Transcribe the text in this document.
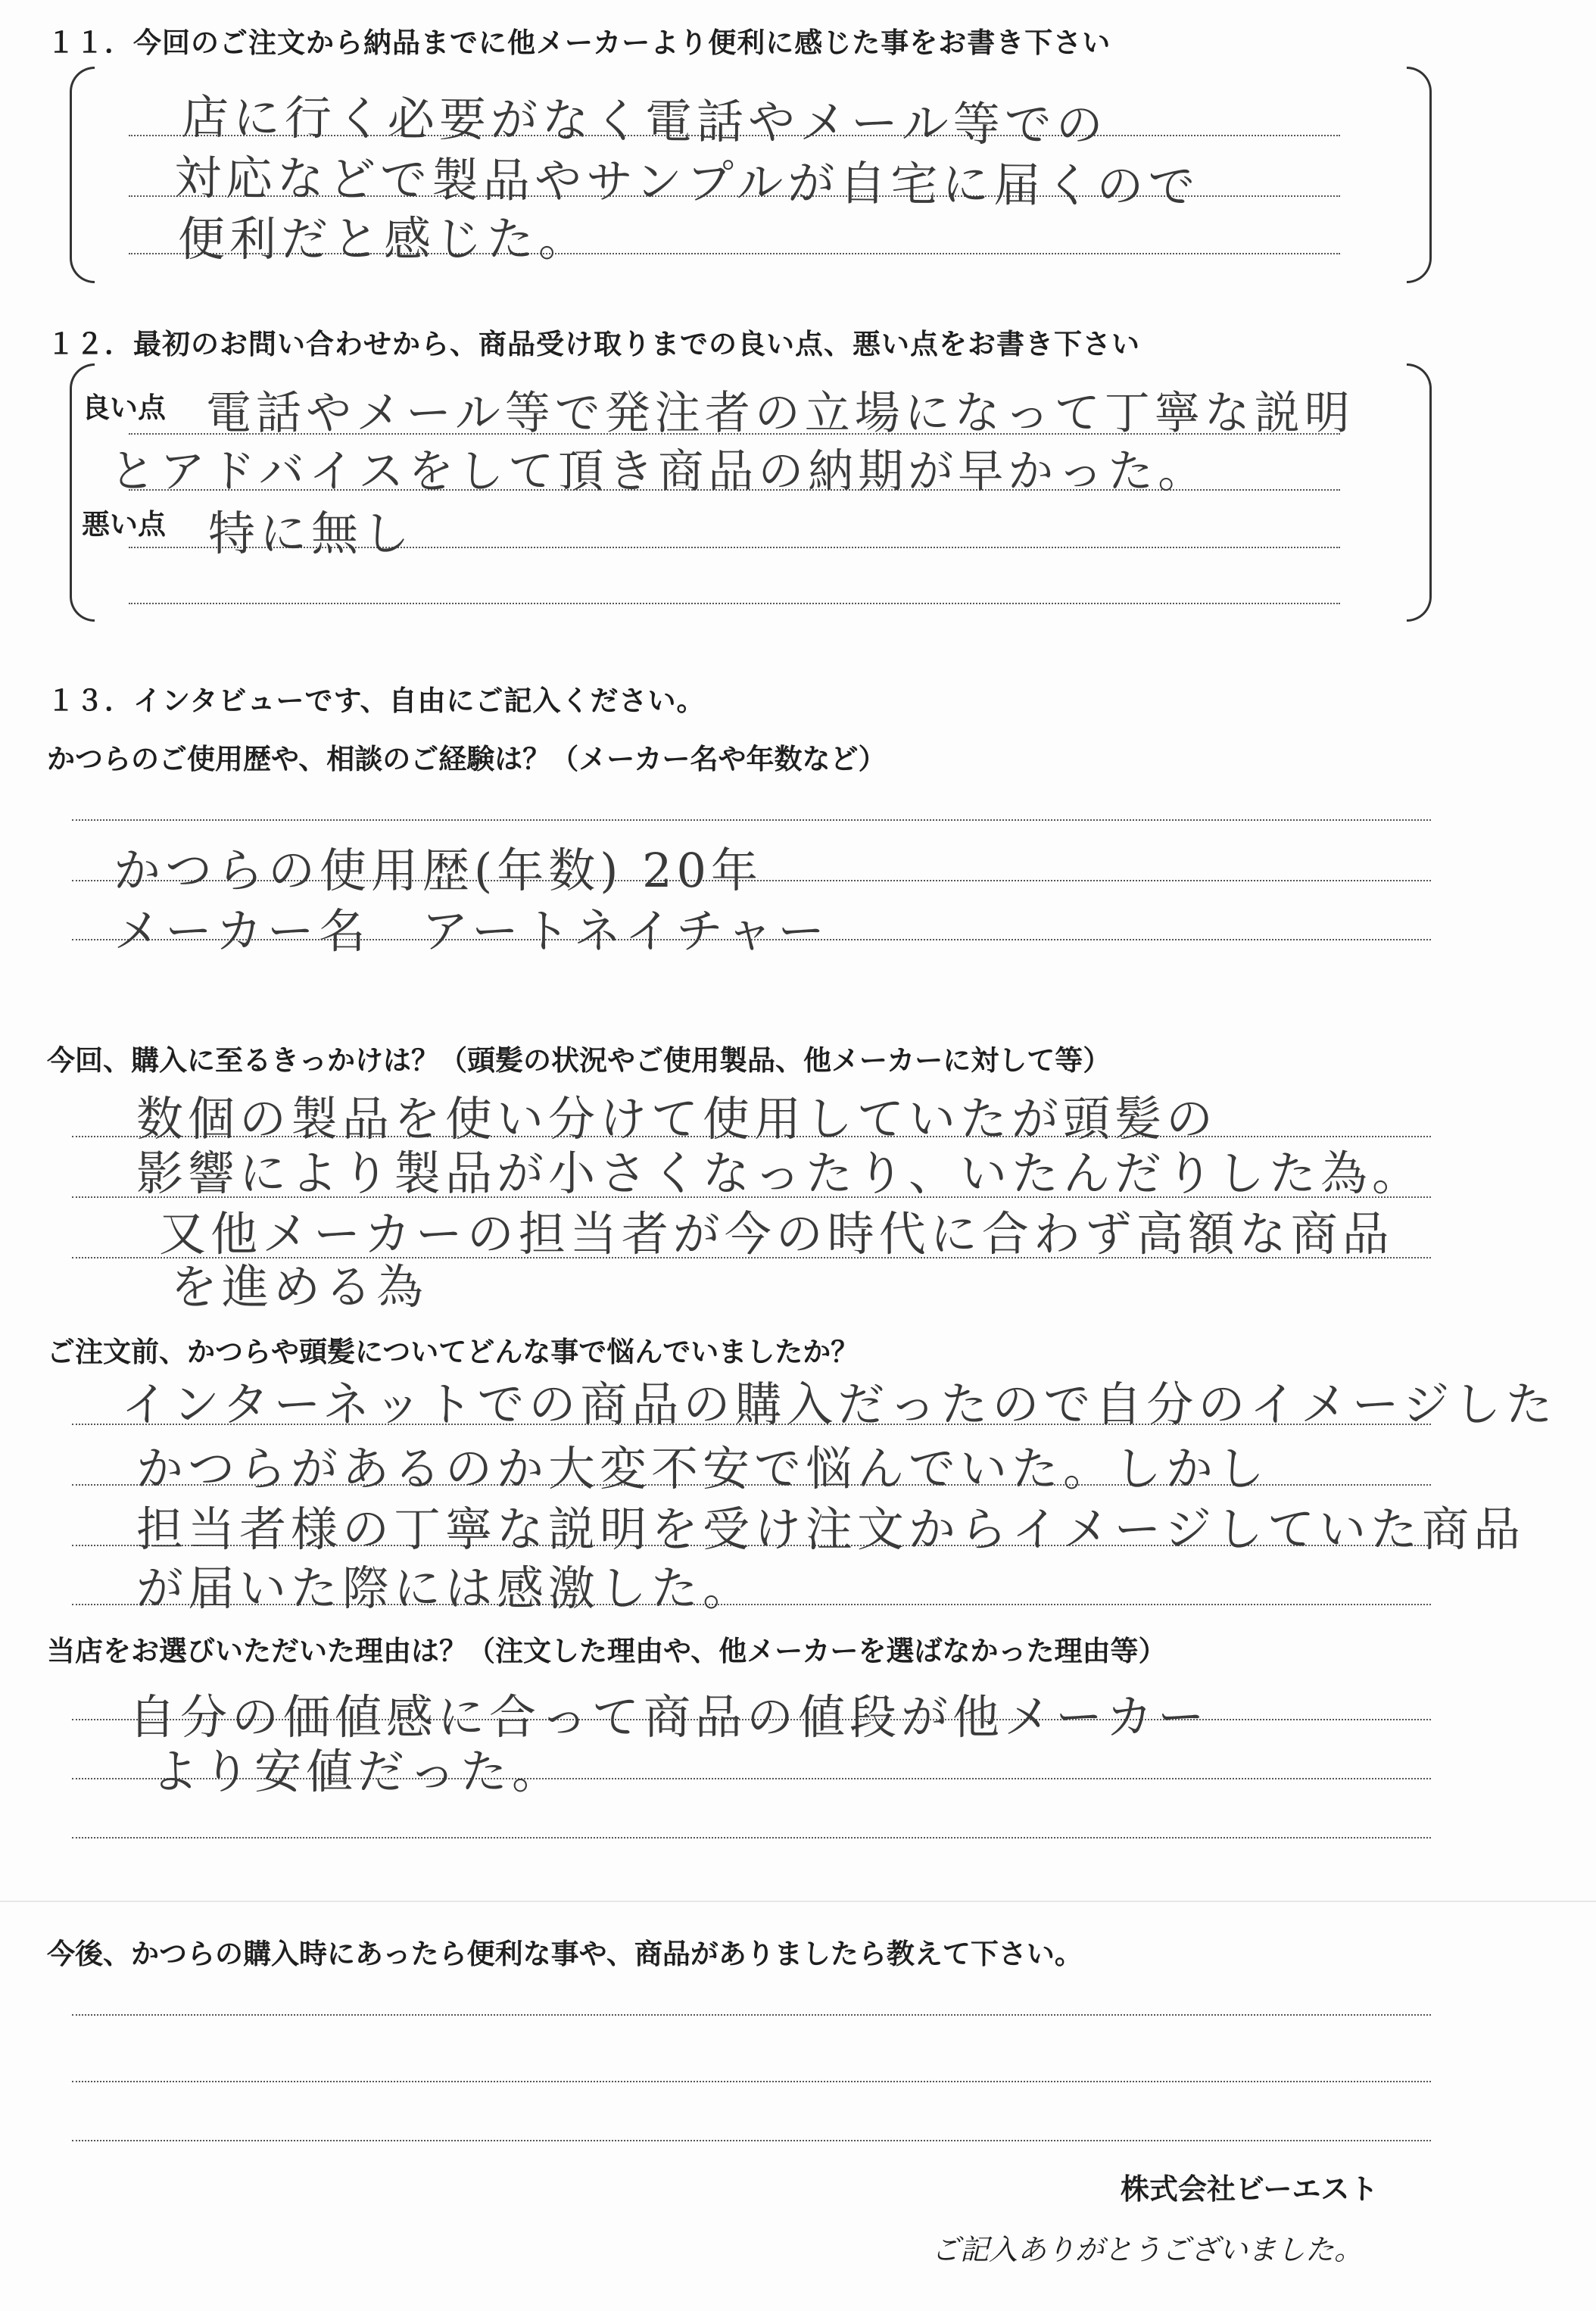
１１．今回のご注文から納品までに他メーカーより便利に感じた事をお書き下さい
店に行く必要がなく電話やメール等での
対応などで製品やサンプルが自宅に届くので
便利だと感じた。
１２．最初のお問い合わせから、商品受け取りまでの良い点、悪い点をお書き下さい
良い点 電話やメール等で発注者の立場になって丁寧な説明
とアドバイスをして頂き商品の納期が早かった。
悪い点 特に無し
１３．インタビューです、自由にご記入ください。
かつらのご使用歴や、相談のご経験は？（メーカー名や年数など）
かつらの使用歴(年数) 20年
メーカー名　アートネイチャー
今回、購入に至るきっかけは？（頭髪の状況やご使用製品、他メーカーに対して等）
数個の製品を使い分けて使用していたが頭髪の
影響により製品が小さくなったり、いたんだりした為。
又他メーカーの担当者が今の時代に合わず高額な商品
を進める為
ご注文前、かつらや頭髪についてどんな事で悩んでいましたか？
インターネットでの商品の購入だったので自分のイメージした
かつらがあるのか大変不安で悩んでいた。しかし
担当者様の丁寧な説明を受け注文からイメージしていた商品
が届いた際には感激した。
当店をお選びいただいた理由は？（注文した理由や、他メーカーを選ばなかった理由等）
自分の価値感に合って商品の値段が他メーカー
より安値だった。
今後、かつらの購入時にあったら便利な事や、商品がありましたら教えて下さい。
株式会社ビーエスト
ご記入ありがとうございました。
